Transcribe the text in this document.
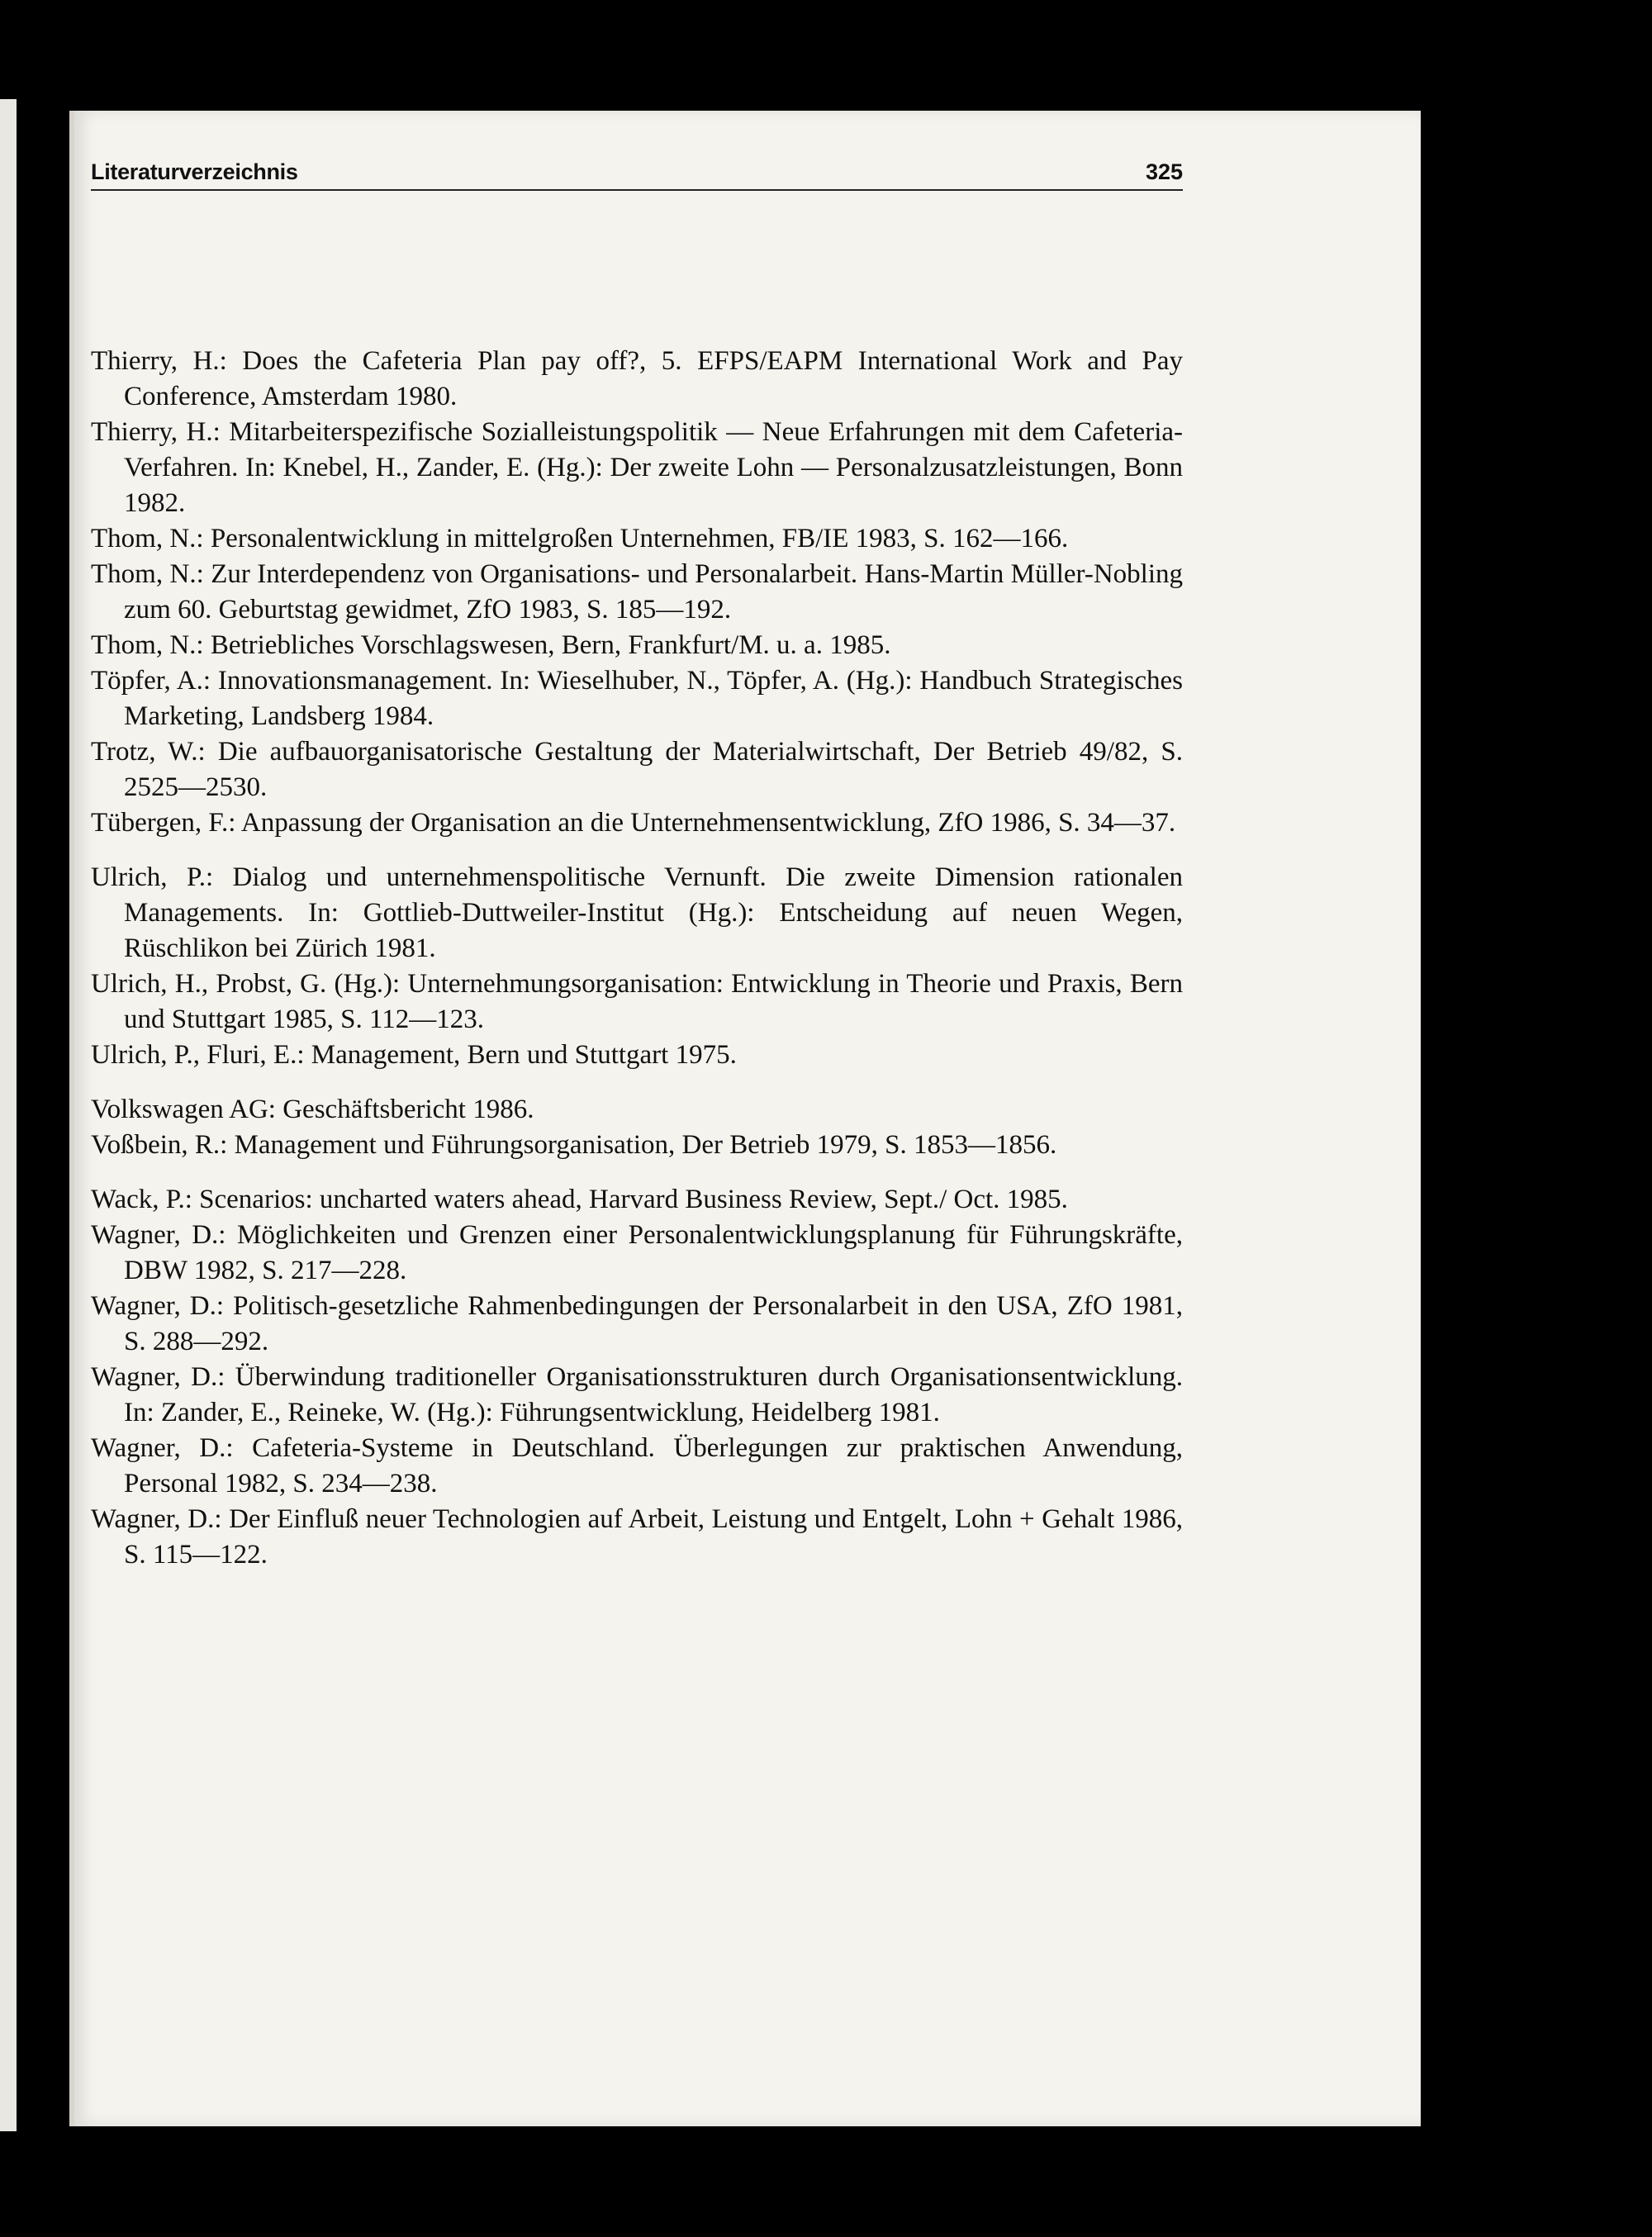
Literaturverzeichnis	325

Thierry, H.: Does the Cafeteria Plan pay off?, 5. EFPS/EAPM International Work and Pay Conference, Amsterdam 1980.

Thierry, H.: Mitarbeiterspezifische Sozialleistungspolitik — Neue Erfahrungen mit dem Cafeteria-Verfahren. In: Knebel, H., Zander, E. (Hg.): Der zweite Lohn — Personalzusatzleistungen, Bonn 1982.

Thom, N.: Personalentwicklung in mittelgroßen Unternehmen, FB/IE 1983, S. 162—166.

Thom, N.: Zur Interdependenz von Organisations- und Personalarbeit. Hans-Martin Müller-Nobling zum 60. Geburtstag gewidmet, ZfO 1983, S. 185—192.

Thom, N.: Betriebliches Vorschlagswesen, Bern, Frankfurt/M. u. a. 1985.

Töpfer, A.: Innovationsmanagement. In: Wieselhuber, N., Töpfer, A. (Hg.): Handbuch Strategisches Marketing, Landsberg 1984.

Trotz, W.: Die aufbauorganisatorische Gestaltung der Materialwirtschaft, Der Betrieb 49/82, S. 2525—2530.

Tübergen, F.: Anpassung der Organisation an die Unternehmensentwicklung, ZfO 1986, S. 34—37.

Ulrich, P.: Dialog und unternehmenspolitische Vernunft. Die zweite Dimension rationalen Managements. In: Gottlieb-Duttweiler-Institut (Hg.): Entscheidung auf neuen Wegen, Rüschlikon bei Zürich 1981.

Ulrich, H., Probst, G. (Hg.): Unternehmungsorganisation: Entwicklung in Theorie und Praxis, Bern und Stuttgart 1985, S. 112—123.

Ulrich, P., Fluri, E.: Management, Bern und Stuttgart 1975.

Volkswagen AG: Geschäftsbericht 1986.

Voßbein, R.: Management und Führungsorganisation, Der Betrieb 1979, S. 1853—1856.

Wack, P.: Scenarios: uncharted waters ahead, Harvard Business Review, Sept./ Oct. 1985.

Wagner, D.: Möglichkeiten und Grenzen einer Personalentwicklungsplanung für Führungskräfte, DBW 1982, S. 217—228.

Wagner, D.: Politisch-gesetzliche Rahmenbedingungen der Personalarbeit in den USA, ZfO 1981, S. 288—292.

Wagner, D.: Überwindung traditioneller Organisationsstrukturen durch Organisationsentwicklung. In: Zander, E., Reineke, W. (Hg.): Führungsentwicklung, Heidelberg 1981.

Wagner, D.: Cafeteria-Systeme in Deutschland. Überlegungen zur praktischen Anwendung, Personal 1982, S. 234—238.

Wagner, D.: Der Einfluß neuer Technologien auf Arbeit, Leistung und Entgelt, Lohn + Gehalt 1986, S. 115—122.
